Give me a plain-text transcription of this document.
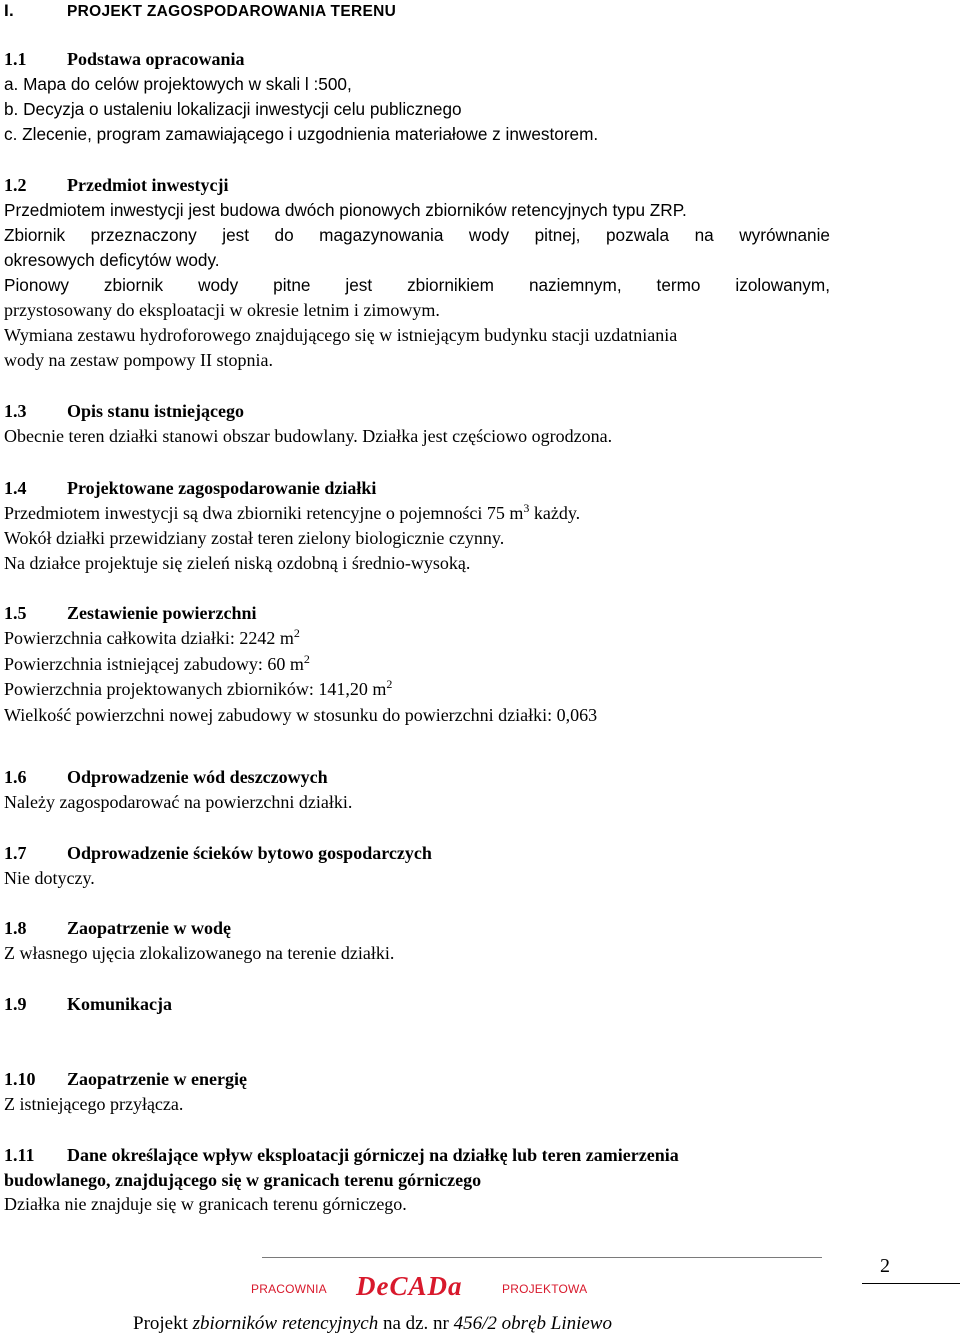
I.	PROJEKT ZAGOSPODAROWANIA TERENU
1.1 Podstawa opracowania
a. Mapa do celów projektowych w skali l :500,
b. Decyzja o ustaleniu lokalizacji inwestycji celu publicznego
c. Zlecenie, program zamawiającego i uzgodnienia materiałowe z inwestorem.
1.2 Przedmiot inwestycji
Przedmiotem inwestycji jest budowa dwóch pionowych zbiorników retencyjnych typu ZRP.
Zbiornik przeznaczony jest do magazynowania wody pitnej, pozwala na wyrównanie
okresowych deficytów wody.
Pionowy zbiornik wody pitne jest zbiornikiem naziemnym, termo izolowanym,
przystosowany do eksploatacji w okresie letnim i zimowym.
Wymiana zestawu hydroforowego znajdującego się w istniejącym budynku stacji uzdatniania
wody na zestaw pompowy II stopnia.
1.3 Opis stanu istniejącego
Obecnie teren działki stanowi obszar budowlany. Działka jest częściowo ogrodzona.
1.4 Projektowane zagospodarowanie działki
Przedmiotem inwestycji są dwa zbiorniki retencyjne o pojemności 75 $m^3$ każdy.
Wokół działki przewidziany został teren zielony biologicznie czynny.
Na działce projektuje się zieleń niską ozdobną i średnio-wysoką.
1.5 Zestawienie powierzchni
Powierzchnia całkowita działki: 2242 $m^2$
Powierzchnia istniejącej zabudowy: 60 $m^2$
Powierzchnia projektowanych zbiorników: 141,20 $m^2$
Wielkość powierzchni nowej zabudowy w stosunku do powierzchni działki: 0,063
1.6 Odprowadzenie wód deszczowych
Należy zagospodarować na powierzchni działki.
1.7 Odprowadzenie ścieków bytowo gospodarczych
Nie dotyczy.
1.8 Zaopatrzenie w wodę
Z własnego ujęcia zlokalizowanego na terenie działki.
1.9 Komunikacja
1.10 Zaopatrzenie w energię
Z istniejącego przyłącza.
1.11 Dane określające wpływ eksploatacji górniczej na działkę lub teren zamierzenia
budowlanego, znajdującego się w granicach terenu górniczego
Działka nie znajduje się w granicach terenu górniczego.
2
PRACOWNIA DeCADa	PROJEKTOWA
Projekt zbiorników retencyjnych na dz. nr 456/2 obręb Liniewo
